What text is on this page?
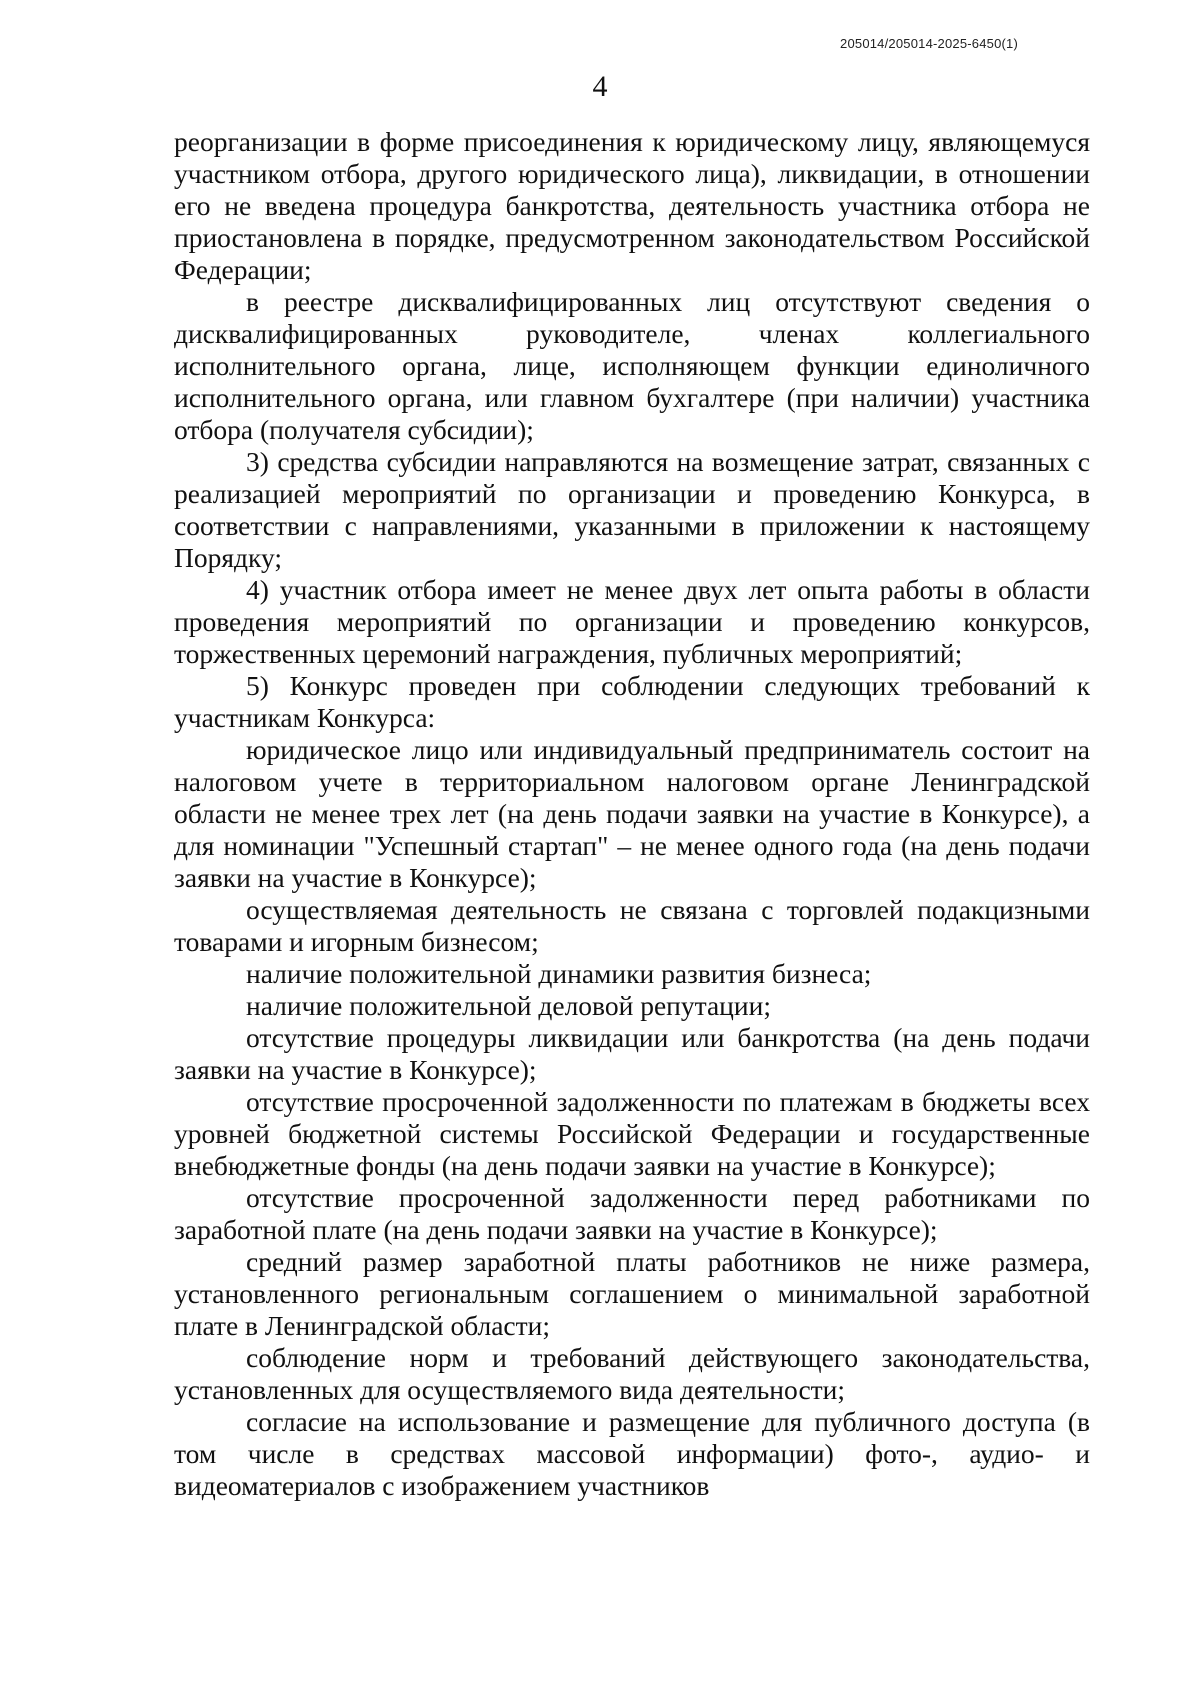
205014/205014-2025-6450(1)
4

реорганизации в форме присоединения к юридическому лицу, являющемуся участником отбора, другого юридического лица), ликвидации, в отношении его не введена процедура банкротства, деятельность участника отбора не приостановлена в порядке, предусмотренном законодательством Российской Федерации;

в реестре дисквалифицированных лиц отсутствуют сведения о дисквалифицированных руководителе, членах коллегиального исполнительного органа, лице, исполняющем функции единоличного исполнительного органа, или главном бухгалтере (при наличии) участника отбора (получателя субсидии);

3) средства субсидии направляются на возмещение затрат, связанных с реализацией мероприятий по организации и проведению Конкурса, в соответствии с направлениями, указанными в приложении к настоящему Порядку;

4) участник отбора имеет не менее двух лет опыта работы в области проведения мероприятий по организации и проведению конкурсов, торжественных церемоний награждения, публичных мероприятий;

5) Конкурс проведен при соблюдении следующих требований к участникам Конкурса:

юридическое лицо или индивидуальный предприниматель состоит на налоговом учете в территориальном налоговом органе Ленинградской области не менее трех лет (на день подачи заявки на участие в Конкурсе), а для номинации "Успешный стартап" – не менее одного года (на день подачи заявки на участие в Конкурсе);

осуществляемая деятельность не связана с торговлей подакцизными товарами и игорным бизнесом;

наличие положительной динамики развития бизнеса;

наличие положительной деловой репутации;

отсутствие процедуры ликвидации или банкротства (на день подачи заявки на участие в Конкурсе);

отсутствие просроченной задолженности по платежам в бюджеты всех уровней бюджетной системы Российской Федерации и государственные внебюджетные фонды (на день подачи заявки на участие в Конкурсе);

отсутствие просроченной задолженности перед работниками по заработной плате (на день подачи заявки на участие в Конкурсе);

средний размер заработной платы работников не ниже размера, установленного региональным соглашением о минимальной заработной плате в Ленинградской области;

соблюдение норм и требований действующего законодательства, установленных для осуществляемого вида деятельности;

согласие на использование и размещение для публичного доступа (в том числе в средствах массовой информации) фото-, аудио- и видеоматериалов с изображением участников
